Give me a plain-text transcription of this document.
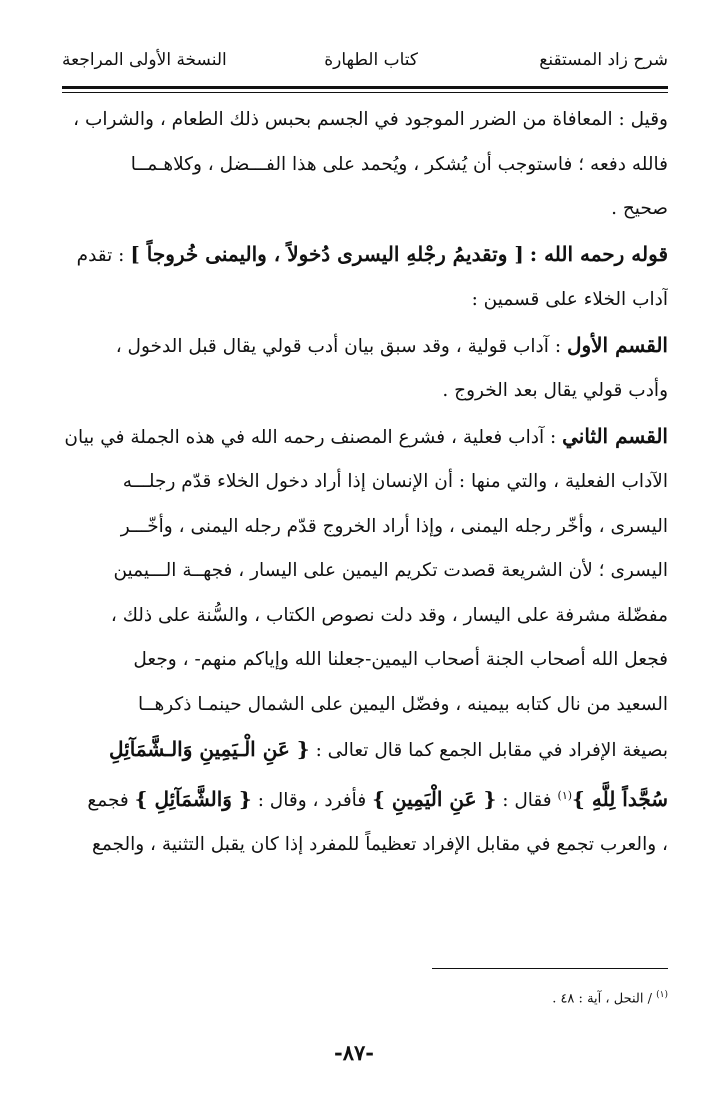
شرح زاد المستقنع
كتاب الطهارة
النسخة الأولى المراجعة
وقيل : المعافاة من الضرر الموجود في الجسم بحبس ذلك الطعام ، والشراب ،
فالله دفعه ؛ فاستوجب أن يُشكر ، ويُحمد على هذا الفـــضل ، وكلاهـمــا
صحيح .
قوله رحمه الله : [ وتقديمُ رجْلهِ اليسرى دُخولاً ، واليمنى خُروجاً ] : تقدم
آداب الخلاء على قسمين :
القسم الأول : آداب قولية ، وقد سبق بيان أدب قولي يقال قبل الدخول ،
وأدب قولي يقال بعد الخروج .
القسم الثاني : آداب فعلية ، فشرع المصنف رحمه الله في هذه الجملة في بيان
الآداب الفعلية ، والتي منها : أن الإنسان إذا أراد دخول الخلاء قدّم رجلـــه
اليسرى ، وأخّر رجله اليمنى ، وإذا أراد الخروج قدّم رجله اليمنى ، وأخّـــر
اليسرى ؛ لأن الشريعة قصدت تكريم اليمين على اليسار ، فجهــة الـــيمين
مفضّلة مشرفة على اليسار ، وقد دلت نصوص الكتاب ، والسُّنة على ذلك ،
فجعل الله أصحاب الجنة أصحاب اليمين-جعلنا الله وإياكم منهم- ، وجعل
السعيد من نال كتابه بيمينه ، وفضّل اليمين على الشمال حينمـا ذكرهــا
بصيغة الإفراد في مقابل الجمع كما قال تعالى : { عَنِ الْـيَمِينِ وَالـشَّمَآئِلِ
سُجَّداً لِلَّهِ }$^{(١)}$ فقال : { عَنِ الْيَمِينِ } فأفرد ، وقال : { وَالشَّمَآئِلِ } فجمع
، والعرب تجمع في مقابل الإفراد تعظيماً للمفرد إذا كان يقبل التثنية ، والجمع
$^{(١)}$ / النحل ، آية : ٤٨ .
-٨٧-
